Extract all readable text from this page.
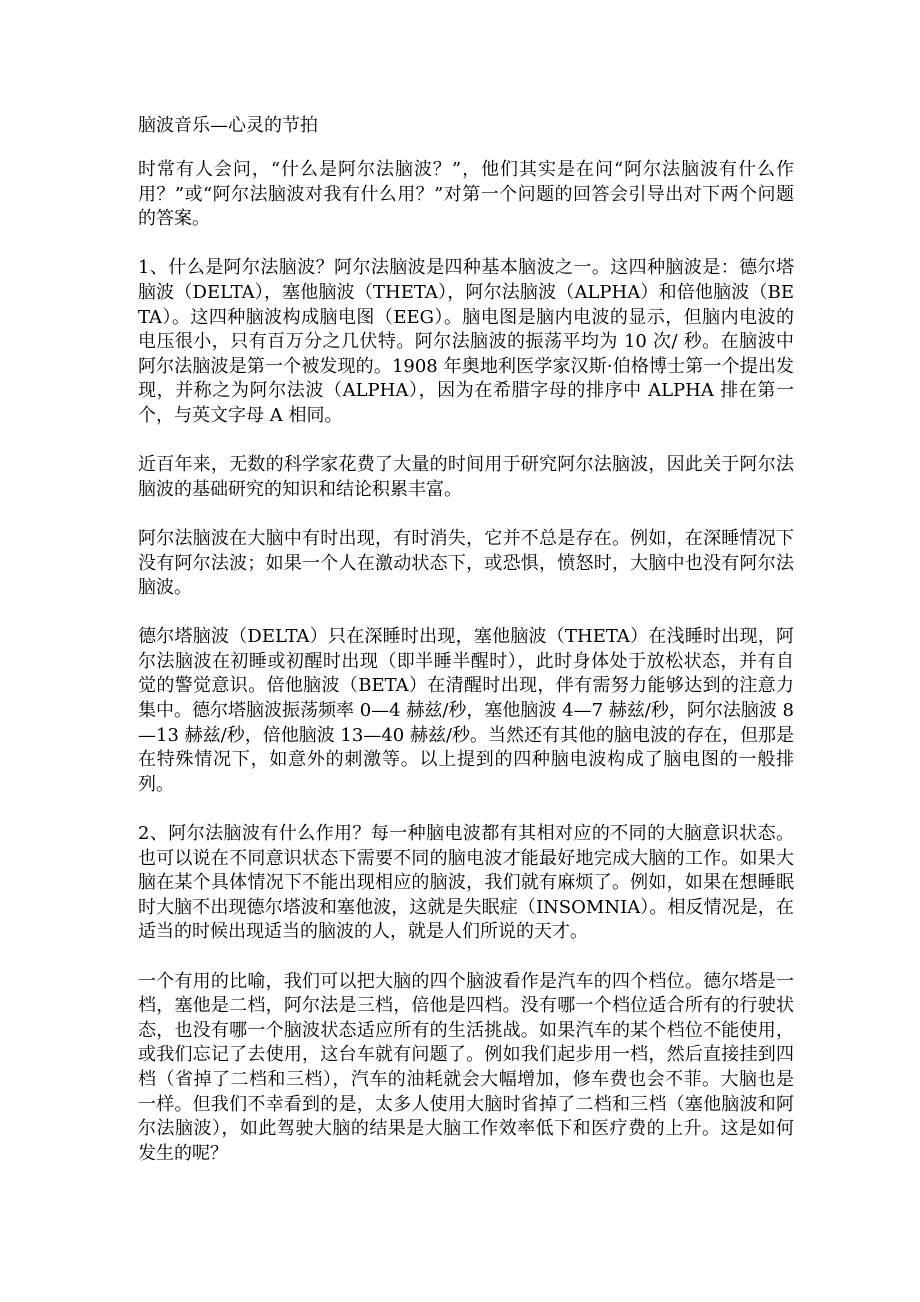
脑波音乐—心灵的节拍

时常有人会问，“什么是阿尔法脑波？”，他们其实是在问“阿尔法脑波有什么作用？”或“阿尔法脑波对我有什么用？”对第一个问题的回答会引导出对下两个问题的答案。

1、什么是阿尔法脑波？阿尔法脑波是四种基本脑波之一。这四种脑波是：德尔塔脑波（DELTA），塞他脑波（THETA），阿尔法脑波（ALPHA）和倍他脑波（BETA）。这四种脑波构成脑电图（EEG）。脑电图是脑内电波的显示，但脑内电波的电压很小，只有百万分之几伏特。阿尔法脑波的振荡平均为 10 次/ 秒。在脑波中阿尔法脑波是第一个被发现的。1908 年奥地利医学家汉斯·伯格博士第一个提出发现，并称之为阿尔法波（ALPHA），因为在希腊字母的排序中 ALPHA 排在第一个，与英文字母 A 相同。

近百年来，无数的科学家花费了大量的时间用于研究阿尔法脑波，因此关于阿尔法脑波的基础研究的知识和结论积累丰富。

阿尔法脑波在大脑中有时出现，有时消失，它并不总是存在。例如，在深睡情况下没有阿尔法波；如果一个人在激动状态下，或恐惧，愤怒时，大脑中也没有阿尔法脑波。

德尔塔脑波（DELTA）只在深睡时出现，塞他脑波（THETA）在浅睡时出现，阿尔法脑波在初睡或初醒时出现（即半睡半醒时），此时身体处于放松状态，并有自觉的警觉意识。倍他脑波（BETA）在清醒时出现，伴有需努力能够达到的注意力集中。德尔塔脑波振荡频率 0—4 赫兹/秒，塞他脑波 4—7 赫兹/秒，阿尔法脑波 8—13 赫兹/秒，倍他脑波 13—40 赫兹/秒。当然还有其他的脑电波的存在，但那是在特殊情况下，如意外的刺激等。以上提到的四种脑电波构成了脑电图的一般排列。

2、阿尔法脑波有什么作用？每一种脑电波都有其相对应的不同的大脑意识状态。也可以说在不同意识状态下需要不同的脑电波才能最好地完成大脑的工作。如果大脑在某个具体情况下不能出现相应的脑波，我们就有麻烦了。例如，如果在想睡眠时大脑不出现德尔塔波和塞他波，这就是失眠症（INSOMNIA）。相反情况是，在适当的时候出现适当的脑波的人，就是人们所说的天才。

一个有用的比喻，我们可以把大脑的四个脑波看作是汽车的四个档位。德尔塔是一档，塞他是二档，阿尔法是三档，倍他是四档。没有哪一个档位适合所有的行驶状态，也没有哪一个脑波状态适应所有的生活挑战。如果汽车的某个档位不能使用，或我们忘记了去使用，这台车就有问题了。例如我们起步用一档，然后直接挂到四档（省掉了二档和三档），汽车的油耗就会大幅增加，修车费也会不菲。大脑也是一样。但我们不幸看到的是，太多人使用大脑时省掉了二档和三档（塞他脑波和阿尔法脑波），如此驾驶大脑的结果是大脑工作效率低下和医疗费的上升。这是如何发生的呢？
